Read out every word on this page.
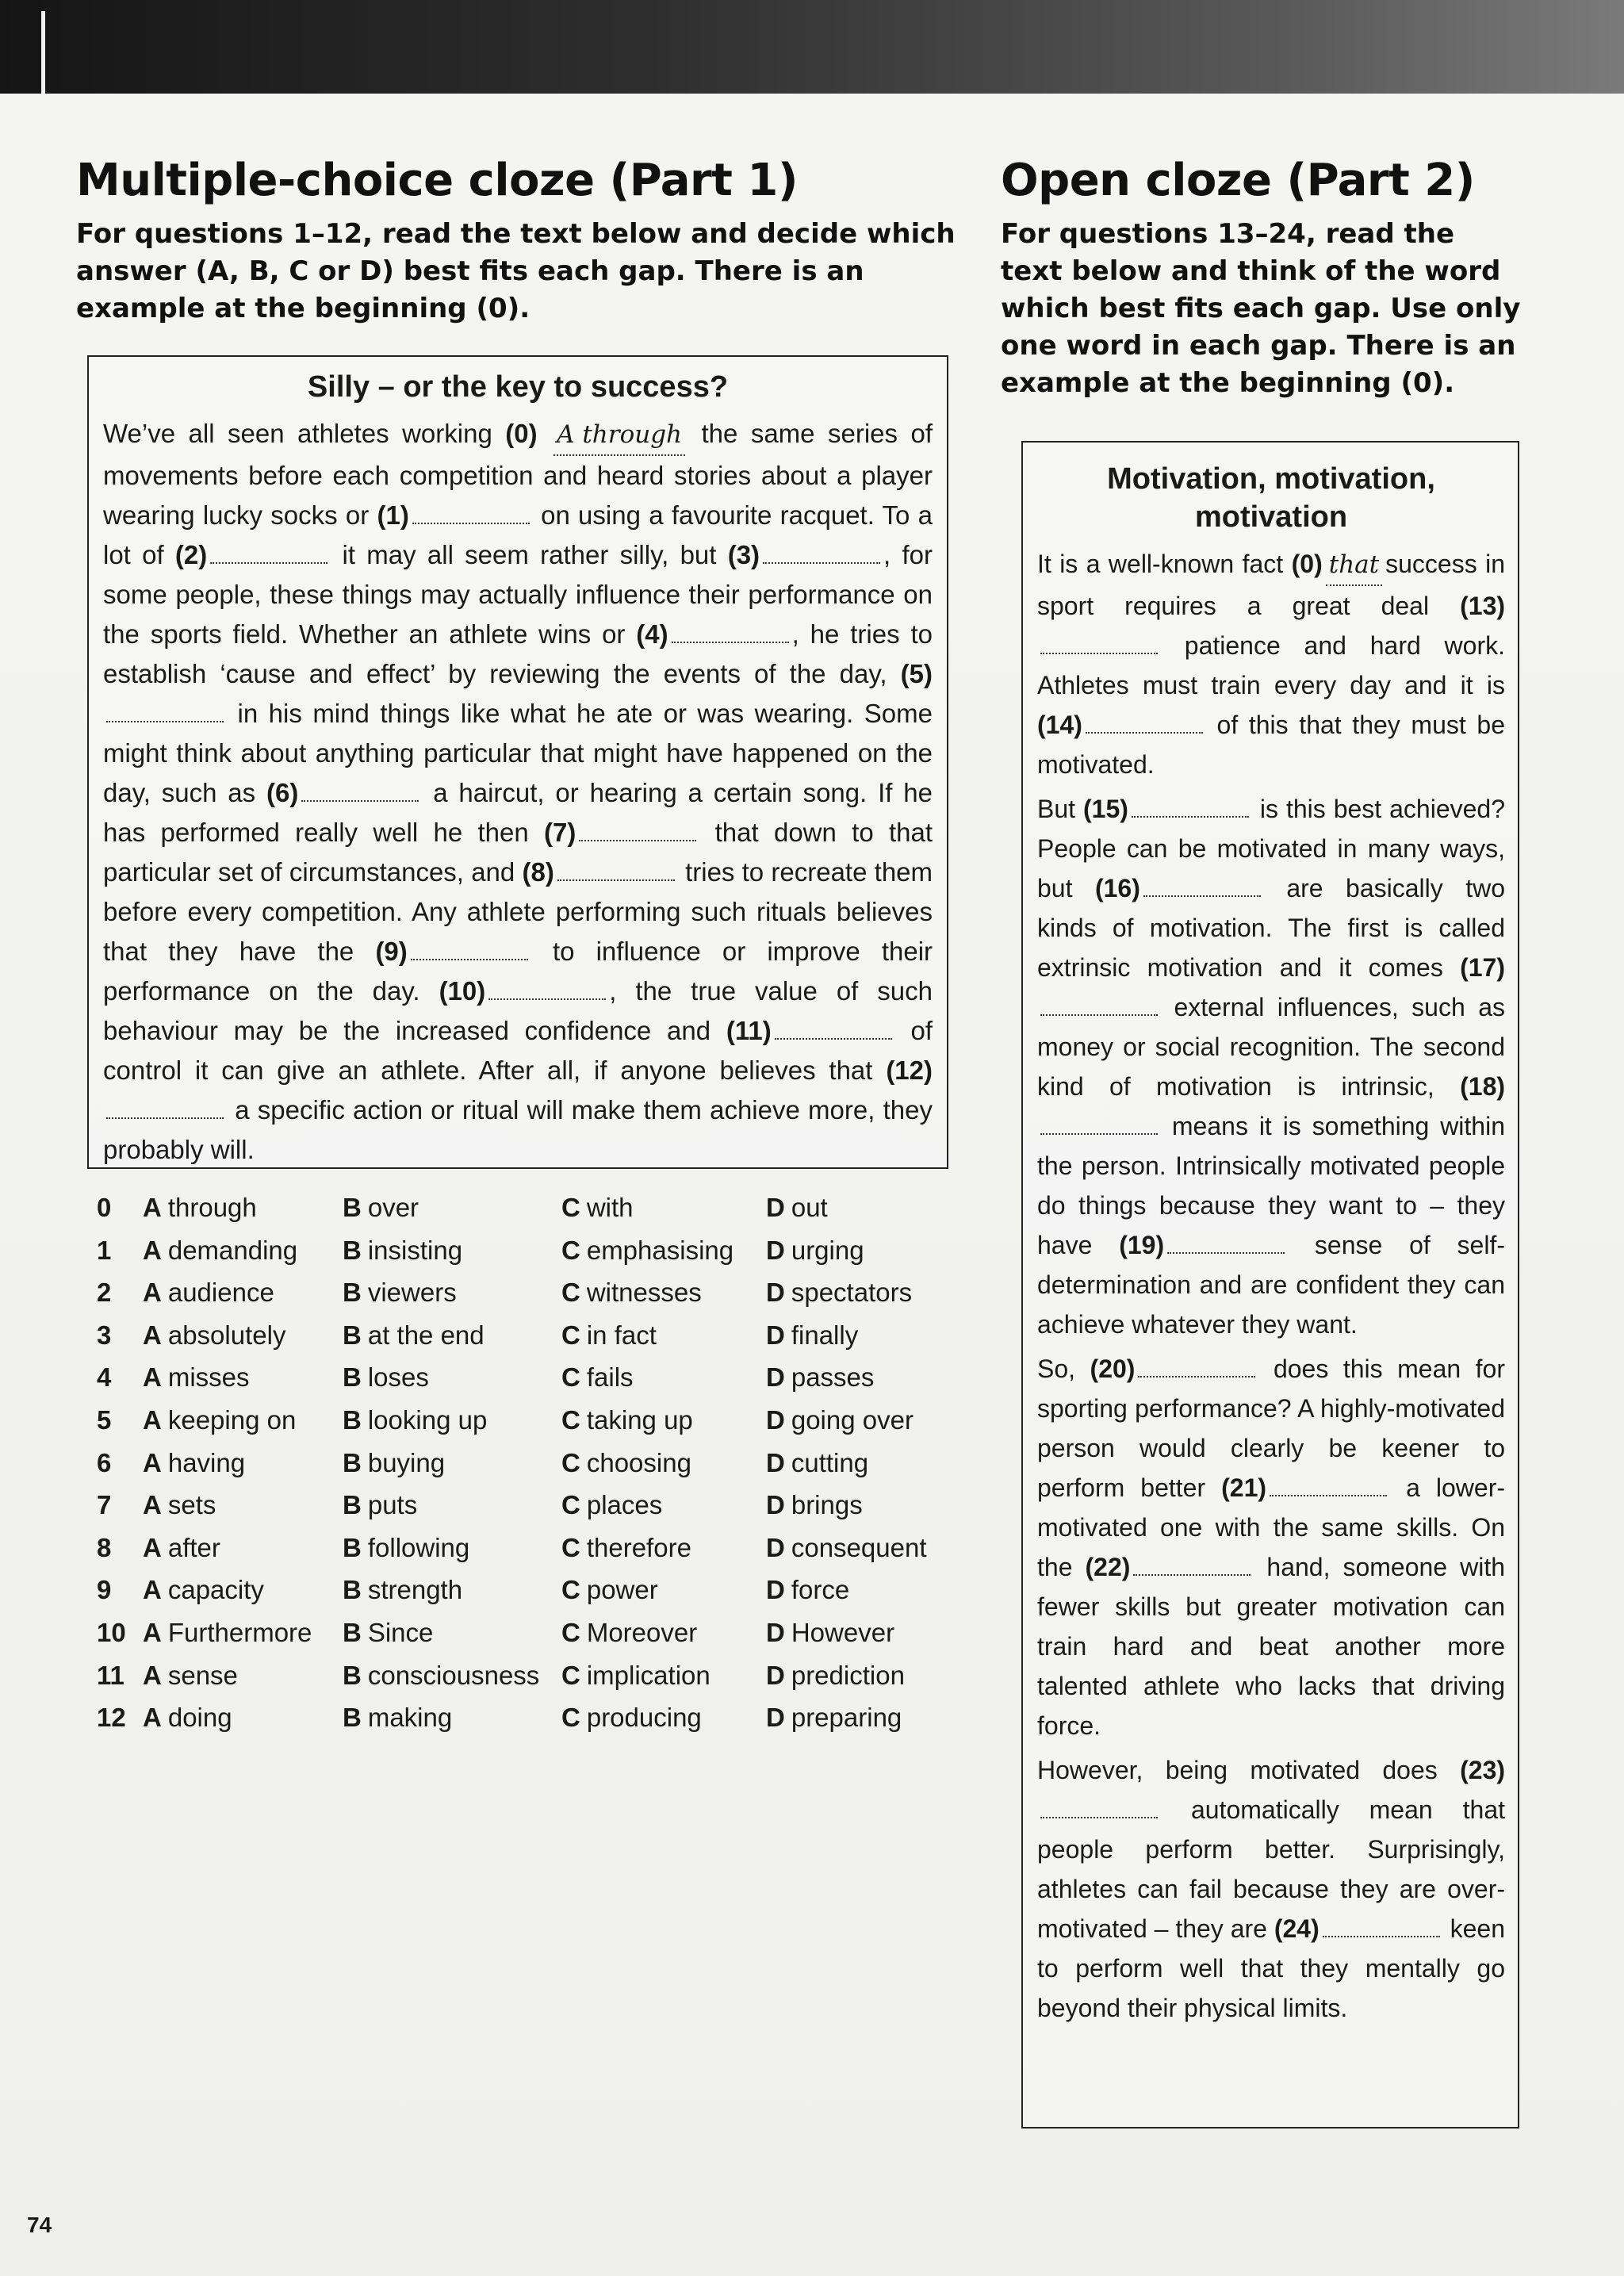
Multiple-choice cloze (Part 1)

For questions 1–12, read the text below and decide which answer (A, B, C or D) best fits each gap. There is an example at the beginning (0).

Silly – or the key to success?

We’ve all seen athletes working (0) A through the same series of movements before each competition and heard stories about a player wearing lucky socks or (1)	on using a favourite racquet. To a lot of (2)	it may all seem rather silly, but (3)	, for some people, these things may actually influence their performance on the sports field. Whether an athlete wins or (4)	, he tries to establish ‘cause and effect’ by reviewing the events of the day, (5) in his mind things like what he ate or was wearing. Some might think about anything particular that might have happened on the day, such as (6)	a haircut, or hearing a certain song. If he has performed really well he then (7)	that down to that particular set of circumstances, and (8)	tries to recreate them before every competition. Any athlete performing such rituals believes that they have the (9)	to influence or improve their performance on the day. (10)	, the true value of such behaviour may be the increased confidence and (11)	of control it can give an athlete. After all, if anyone believes that (12) a specific action or ritual will make them achieve more, they probably will.

0 A through	B over	C with	D out
1 A demanding B insisting	C emphasising D urging
2 A audience	B viewers	C witnesses D spectators
3 A absolutely B at the end	C in fact	D finally
4 A misses	B loses	C fails	D passes
5 A keeping on B looking up	C taking up	D going over
6 A having	B buying	C choosing	D cutting
7 A sets	B puts	C places	D brings
8 A after	B following	C therefore	D consequent
9 A capacity	B strength	C power	D force
10 A Furthermore B Since	C Moreover	D However
11 A sense	B consciousness C implication D prediction
12 A doing	B making	C producing D preparing
Open cloze (Part 2)

For questions 13–24, read the text below and think of the word which best fits each gap. Use only one word in each gap. There is an example at the beginning (0).

Motivation, motivation, motivation

It is a well-known fact (0) that success in sport requires a great deal (13) patience and hard work. Athletes must train every day and it is (14)	of this that they must be motivated.

But (15)	is this best achieved? People can be motivated in many ways, but (16)	are basically two kinds of motivation. The first is called extrinsic motivation and it comes (17) external influences, such as money or social recognition. The second kind of motivation is intrinsic, (18) means it is something within the person. Intrinsically motivated people do things because they want to – they have (19)	sense of self-determination and are confident they can achieve whatever they want.

So, (20)	does this mean for sporting performance? A highly-motivated person would clearly be keener to perform better (21)	a lower-motivated one with the same skills. On the (22)	hand, someone with fewer skills but greater motivation can train hard and beat another more talented athlete who lacks that driving force.

However, being motivated does (23) automatically mean that people perform better. Surprisingly, athletes can fail because they are over-motivated – they are (24)	keen to perform well that they mentally go beyond their physical limits.

74
